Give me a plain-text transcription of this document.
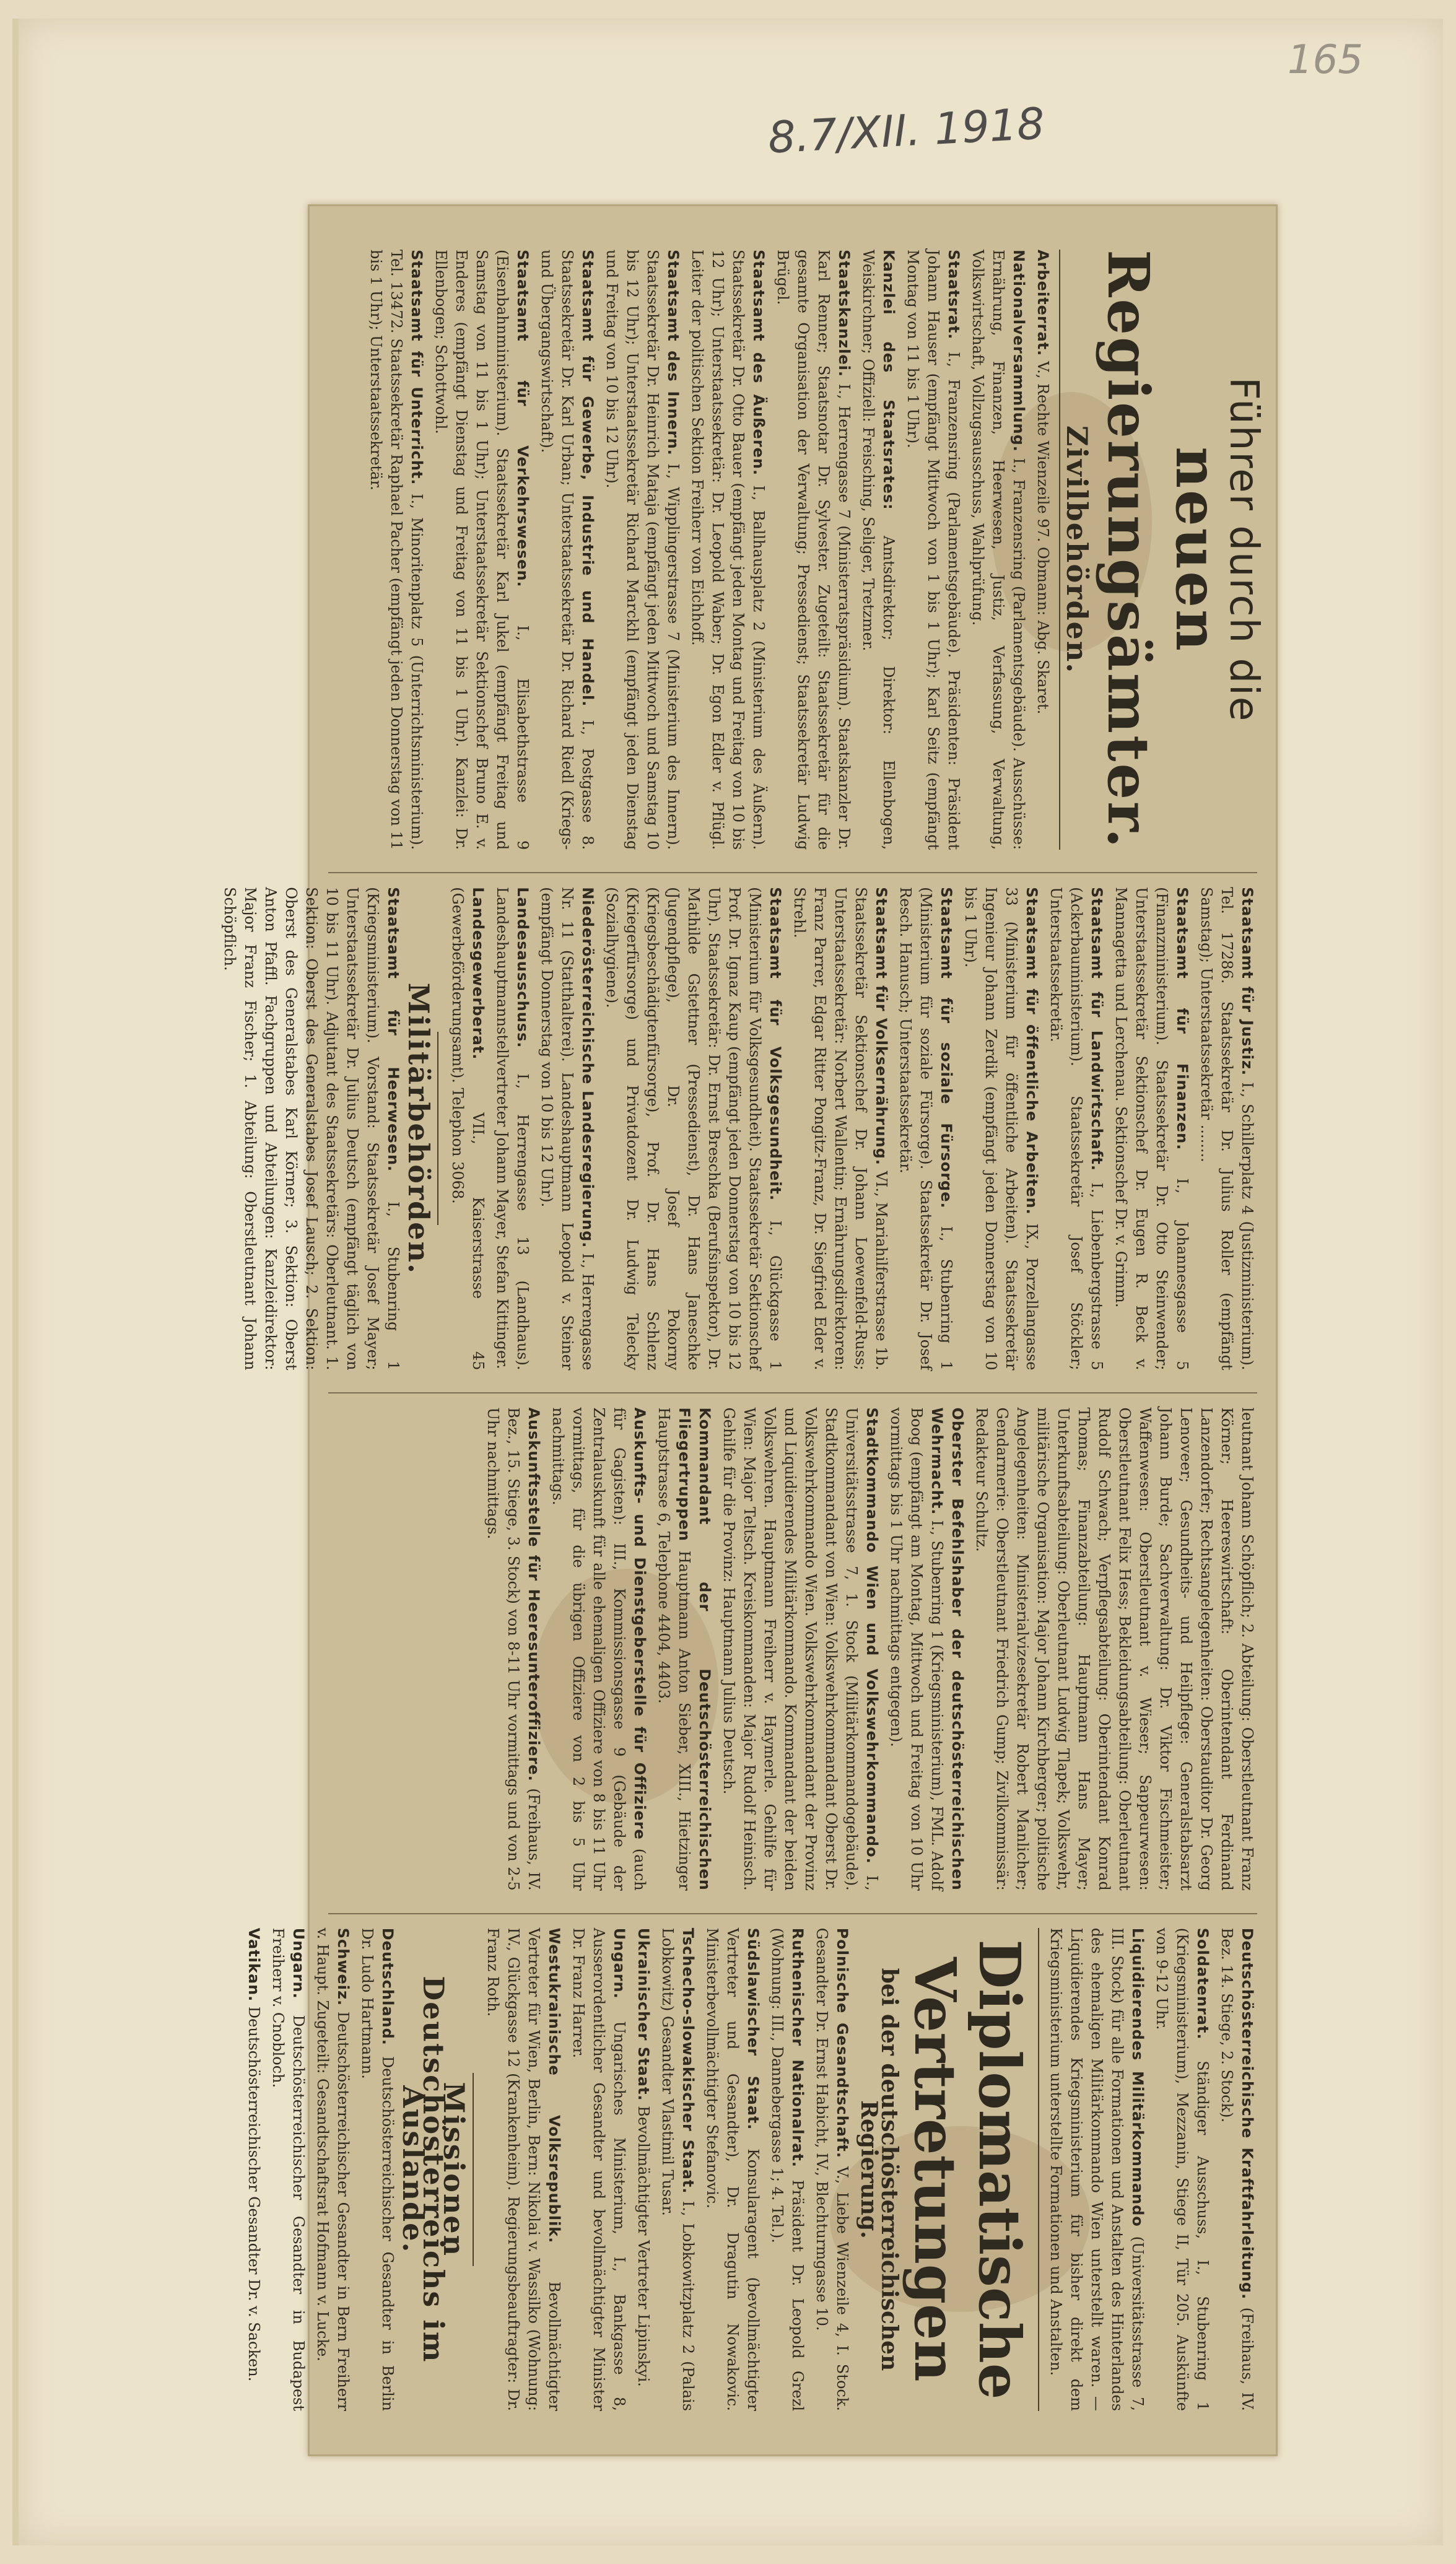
165
8.7/XII. 1918
Führer durch die
neuen Regierungsämter.
Zivilbehörden.

Arbeiterrat. V., Rechte Wienzeile 97. Obmann: Abg. Skaret.

Nationalversammlung. I., Franzensring (Parlamentsgebäude). Ausschüsse: Ernährung, Finanzen, Heerwesen, Justiz, Verfassung, Verwaltung, Volkswirtschaft, Vollzugsausschuss, Wahlprüfung.

Staatsrat. I., Franzensring (Parlamentsgebäude). Präsidenten: Präsident Johann Hauser (empfängt Mittwoch von 1 bis 1 Uhr); Karl Seitz (empfängt Montag von 11 bis 1 Uhr).

Kanzlei des Staatsrates: Amtsdirektor; Direktor: Ellenbogen, Weiskirchner; Offiziell: Freisching, Seliger, Tretzmer.

Staatskanzlei. I., Herrengasse 7 (Ministerratspräsidium). Staatskanzler Dr. Karl Renner; Staatsnotar Dr. Sylvester. Zugeteilt: Staatssekretär für die gesamte Organisation der Verwaltung; Pressedienst; Staatssekretär Ludwig Brügel.

Staatsamt des Äußeren. I., Ballhausplatz 2 (Ministerium des Äußern). Staatssekretär Dr. Otto Bauer (empfängt jeden Montag und Freitag von 10 bis 12 Uhr); Unterstaatssekretär: Dr. Leopold Waber; Dr. Egon Edler v. Pflügl. Leiter der politischen Sektion Freiherr von Eichhoff.

Staatsamt des Innern. I., Wipplingerstrasse 7 (Ministerium des Innern). Staatssekretär Dr. Heinrich Mataja (empfängt jeden Mittwoch und Samstag 10 bis 12 Uhr); Unterstaatssekretär Richard Marckhl (empfängt jeden Dienstag und Freitag von 10 bis 12 Uhr).

Staatsamt für Gewerbe, Industrie und Handel. I., Postgasse 8. Staatssekretär Dr. Karl Urban; Unterstaatssekretär Dr. Richard Riedl (Kriegs- und Übergangswirtschaft).

Staatsamt für Verkehrswesen. I., Elisabethstrasse 9 (Eisenbahnministerium). Staatssekretär Karl Jukel (empfängt Freitag und Samstag von 11 bis 1 Uhr); Unterstaatssekretär Sektionschef Bruno E. v. Enderes (empfängt Dienstag und Freitag von 11 bis 1 Uhr). Kanzlei: Dr. Ellenbogen; Schottwohl.

Staatsamt für Unterricht. I., Minoritenplatz 5 (Unterrichtsministerium). Tel. 13472. Staatssekretär Raphael Pacher (empfängt jeden Donnerstag von 11 bis 1 Uhr); Unterstaatssekretär.

Staatsamt für Justiz. I., Schillerplatz 4 (Justizministerium). Tel. 17286. Staatssekretär Dr. Julius Roller (empfängt Samstag); Unterstaatssekretär ........

Staatsamt für Finanzen. I., Johannesgasse 5 (Finanzministerium). Staatssekretär Dr. Otto Steinwender; Unterstaatssekretär Sektionschef Dr. Eugen R. Beck v. Mannagetta und Lerchenau. Sektionschef Dr. v. Grimm.

Staatsamt für Landwirtschaft. I., Liebenbergstrasse 5 (Ackerbauministerium). Staatssekretär Josef Stöckler; Unterstaatssekretär.

Staatsamt für öffentliche Arbeiten. IX., Porzellangasse 33 (Ministerium für öffentliche Arbeiten). Staatssekretär Ingenieur Johann Zerdik (empfängt jeden Donnerstag von 10 bis 1 Uhr).

Staatsamt für soziale Fürsorge. I., Stubenring 1 (Ministerium für soziale Fürsorge). Staatssekretär Dr. Josef Resch. Hanusch; Unterstaatssekretär.

Staatsamt für Volksernährung. VI., Mariahilferstrasse 1b. Staatssekretär Sektionschef Dr. Johann Loewenfeld-Russ; Unterstaatssekretär: Norbert Wallentin; Ernährungsdirektoren: Franz Parrer, Edgar Ritter Pongitz-Franz, Dr. Siegfried Eder v. Strehl.

Staatsamt für Volksgesundheit. I., Glückgasse 1 (Ministerium für Volksgesundheit). Staatssekretär Sektionschef Prof. Dr. Ignaz Kaup (empfängt jeden Donnerstag von 10 bis 12 Uhr). Staatssekretär: Dr. Ernst Breschka (Berufsinspektor), Dr. Mathilde Gstettner (Pressedienst), Dr. Hans Janeschke (Jugendpflege), Dr. Josef Pokorny (Kriegsbeschädigtenfürsorge), Prof. Dr. Hans Schlenz (Kriegerfürsorge) und Privatdozent Dr. Ludwig Telecky (Sozialhygiene).

Niederösterreichische Landesregierung. I., Herrengasse Nr. 11 (Statthalterei). Landeshauptmann Leopold v. Steiner (empfängt Donnerstag von 10 bis 12 Uhr).

Landesausschuss. I., Herrengasse 13 (Landhaus). Landeshauptmannstellvertreter Johann Mayer, Stefan Kittinger.

Landesgewerberat. VII., Kaiserstrasse 45 (Gewerbeförderungsamt). Telephon 3068.

Militärbehörden.

Staatsamt für Heerwesen. I., Stubenring 1 (Kriegsministerium). Vorstand: Staatssekretär Josef Mayer; Unterstaatssekretär Dr. Julius Deutsch (empfängt täglich von 10 bis 11 Uhr). Adjutant des Staatssekretärs: Oberleutnant. 1. Sektion: Oberst des Generalstabes Josef Lausch; 2. Sektion: Oberst des Generalstabes Karl Körner; 3. Sektion: Oberst Anton Pfaffl. Fachgruppen und Abteilungen: Kanzleidirektor: Major Franz Fischer; 1. Abteilung: Oberstleutnant Johann Schöpflich.

leutnant Johann Schöpflich; 2. Abteilung: Oberstleutnant Franz Körner; Heereswirtschaft: Oberintendant Ferdinand Lanzendorfer; Rechtsangelegenheiten: Oberstauditor Dr. Georg Lenoveer; Gesundheits- und Heilpflege: Generalstabsarzt Johann Burde; Sachverwaltung: Dr. Viktor Fischmeister; Waffenwesen: Oberstleutnant v. Wieser; Sappeurwesen: Oberstleutnant Felix Hess; Bekleidungsabteilung: Oberleutnant Rudolf Schwach; Verpflegsabteilung: Oberintendant Konrad Thomas; Finanzabteilung: Hauptmann Hans Mayer; Unterkunftsabteilung: Oberleutnant Ludwig Tlapek; Volkswehr, militärische Organisation: Major Johann Kirchberger; politische Angelegenheiten: Ministerialvizesekretär Robert Manlicher; Gendarmerie: Oberstleutnant Friedrich Gump; Zivilkommissär: Redakteur Schultz.

Oberster Befehlshaber der deutschösterreichischen Wehrmacht. I., Stubenring 1 (Kriegsministerium), FML. Adolf Boog (empfängt am Montag, Mittwoch und Freitag von 10 Uhr vormittags bis 1 Uhr nachmittags entgegen).

Stadtkommando Wien und Volkswehrkommando. I., Universitätsstrasse 7, 1. Stock (Militärkommandogebäude). Stadtkommandant von Wien: Volkswehrkommandant Oberst Dr. Volkswehrkommando Wien. Volkswehrkommandant der Provinz und Liquidierendes Militärkommando. Kommandant der beiden Volkswehren. Hauptmann Freiherr v. Haymerle. Gehilfe für Wien: Major Teltsch. Kreiskommanden: Major Rudolf Heinisch. Gehilfe für die Provinz: Hauptmann Julius Deutsch.

Kommandant der Deutschösterreichischen Fliegertruppen Hauptmann Anton Sieber, XIII., Hietzinger Hauptstrasse 6, Telephone 4404, 4403.

Auskunfts- und Dienstgeberstelle für Offiziere (auch für Gagisten): III., Kommissionsgasse 9 (Gebäude der Zentralauskunft für alle ehemaligen Offiziere von 8 bis 11 Uhr vormittags, für die übrigen Offiziere von 2 bis 5 Uhr nachmittags.

Auskunftsstelle für Heeresunteroffiziere. (Freihaus, IV. Bez., 15. Stiege, 3. Stock) von 8-11 Uhr vormittags und von 2-5 Uhr nachmittags.

Deutschösterreichische Kraftfahrleitung. (Freihaus, IV. Bez. 14. Stiege, 2. Stock).

Soldatenrat. Ständiger Ausschuss, I., Stubenring 1 (Kriegsministerium), Mezzanin, Stiege II, Tür 205. Auskünfte von 9-12 Uhr.

Liquidierendes Militärkommando (Universitätsstrasse 7, III. Stock) für alle Formationen und Anstalten des Hinterlandes des ehemaligen Militärkommando Wien unterstellt waren. — Liquidierendes Kriegsministerium für bisher direkt dem Kriegsministerium unterstellte Formationen und Anstalten.

Diplomatische Vertretungen
bei der deutschösterreichischen Regierung.

Polnische Gesandtschaft. V., Liebe Wienzeile 4, I. Stock. Gesandter Dr. Ernst Habicht, IV., Blechturmgasse 10.

Ruthenischer Nationalrat. Präsident Dr. Leopold Grezl (Wohnung: III., Dannebergasse 1; 4. Tel.).

Südslawischer Staat. Konsularagent (bevollmächtigter Vertreter und Gesandter), Dr. Dragutin Nowakovic. Ministerbevollmächtigter Stefanovic.

Tschecho-slowakischer Staat. I., Lobkowitzplatz 2 (Palais Lobkowitz) Gesandter Vlastimil Tusar.

Ukrainischer Staat. Bevollmächtigter Vertreter Lipinskyi.

Ungarn. Ungarisches Ministerium, I., Bankgasse 8, Ausserordentlicher Gesandter und bevollmächtigter Minister Dr. Franz Harrer.

Westukrainische Volksrepublik. Bevollmächtigter Vertreter für Wien, Berlin, Bern: Nikolai v. Wassilko (Wohnung: IV., Glückgasse 12 (Krankenheim). Regierungsbeauftragter: Dr. Franz Roth.

Missionen Deutschösterreichs im Auslande.

Deutschland. Deutschösterreichischer Gesandter in Berlin Dr. Ludo Hartmann.

Schweiz. Deutschösterreichischer Gesandter in Bern Freiherr v. Haupt. Zugeteilt: Gesandtschaftsrat Hofmann v. Lucke.

Ungarn. Deutschösterreichischer Gesandter in Budapest Freiherr v. Cnobloch.

Vatikan. Deutschösterreichischer Gesandter Dr. v. Sacken.
